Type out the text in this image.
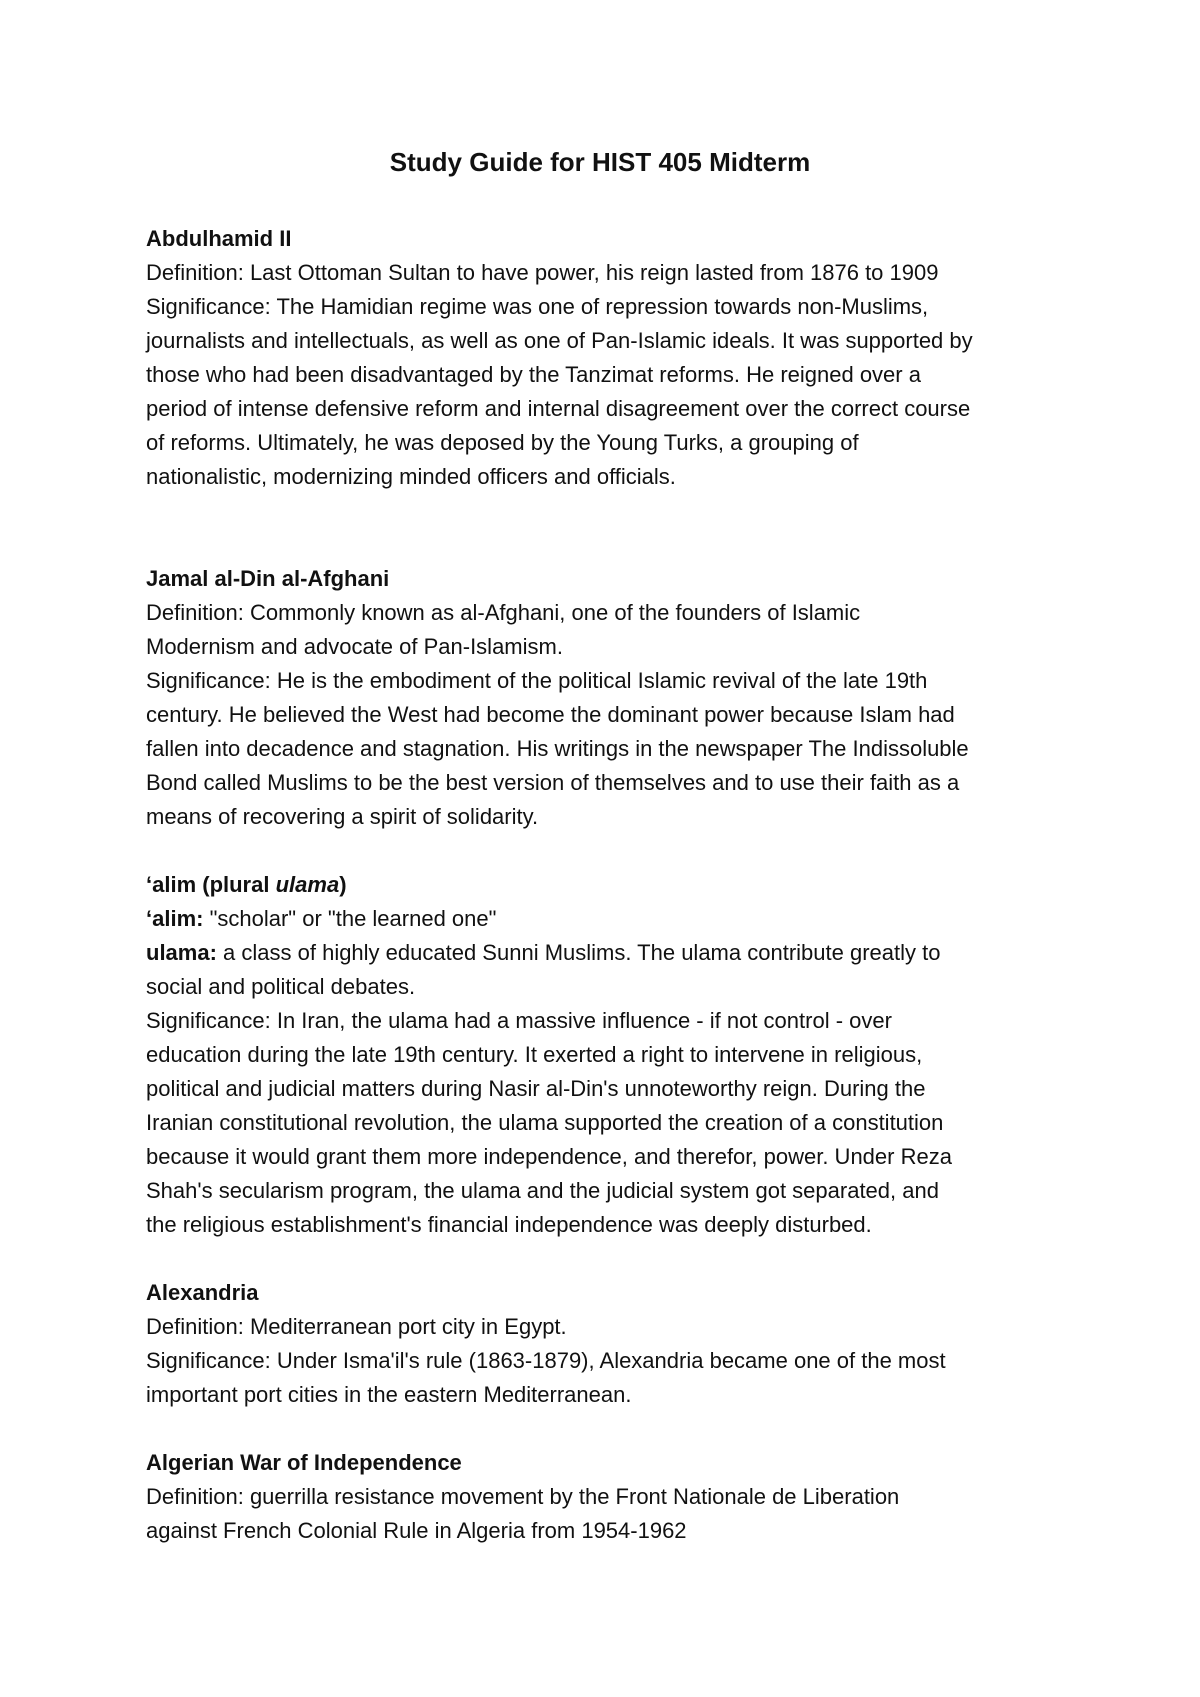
Study Guide for HIST 405 Midterm
Abdulhamid II
Definition: Last Ottoman Sultan to have power, his reign lasted from 1876 to 1909
Significance: The Hamidian regime was one of repression towards non-Muslims,
journalists and intellectuals, as well as one of Pan-Islamic ideals. It was supported by
those who had been disadvantaged by the Tanzimat reforms. He reigned over a
period of intense defensive reform and internal disagreement over the correct course
of reforms. Ultimately, he was deposed by the Young Turks, a grouping of
nationalistic, modernizing minded officers and officials.
Jamal al-Din al-Afghani
Definition: Commonly known as al-Afghani, one of the founders of Islamic
Modernism and advocate of Pan-Islamism.
Significance: He is the embodiment of the political Islamic revival of the late 19th
century. He believed the West had become the dominant power because Islam had
fallen into decadence and stagnation. His writings in the newspaper The Indissoluble
Bond called Muslims to be the best version of themselves and to use their faith as a
means of recovering a spirit of solidarity.
‘alim (plural ulama)
‘alim: "scholar" or "the learned one"
ulama: a class of highly educated Sunni Muslims. The ulama contribute greatly to
social and political debates.
Significance: In Iran, the ulama had a massive influence - if not control - over
education during the late 19th century. It exerted a right to intervene in religious,
political and judicial matters during Nasir al-Din's unnoteworthy reign. During the
Iranian constitutional revolution, the ulama supported the creation of a constitution
because it would grant them more independence, and therefor, power. Under Reza
Shah's secularism program, the ulama and the judicial system got separated, and
the religious establishment's financial independence was deeply disturbed.
Alexandria
Definition: Mediterranean port city in Egypt.
Significance: Under Isma'il's rule (1863-1879), Alexandria became one of the most
important port cities in the eastern Mediterranean.
Algerian War of Independence
Definition: guerrilla resistance movement by the Front Nationale de Liberation
against French Colonial Rule in Algeria from 1954-1962
